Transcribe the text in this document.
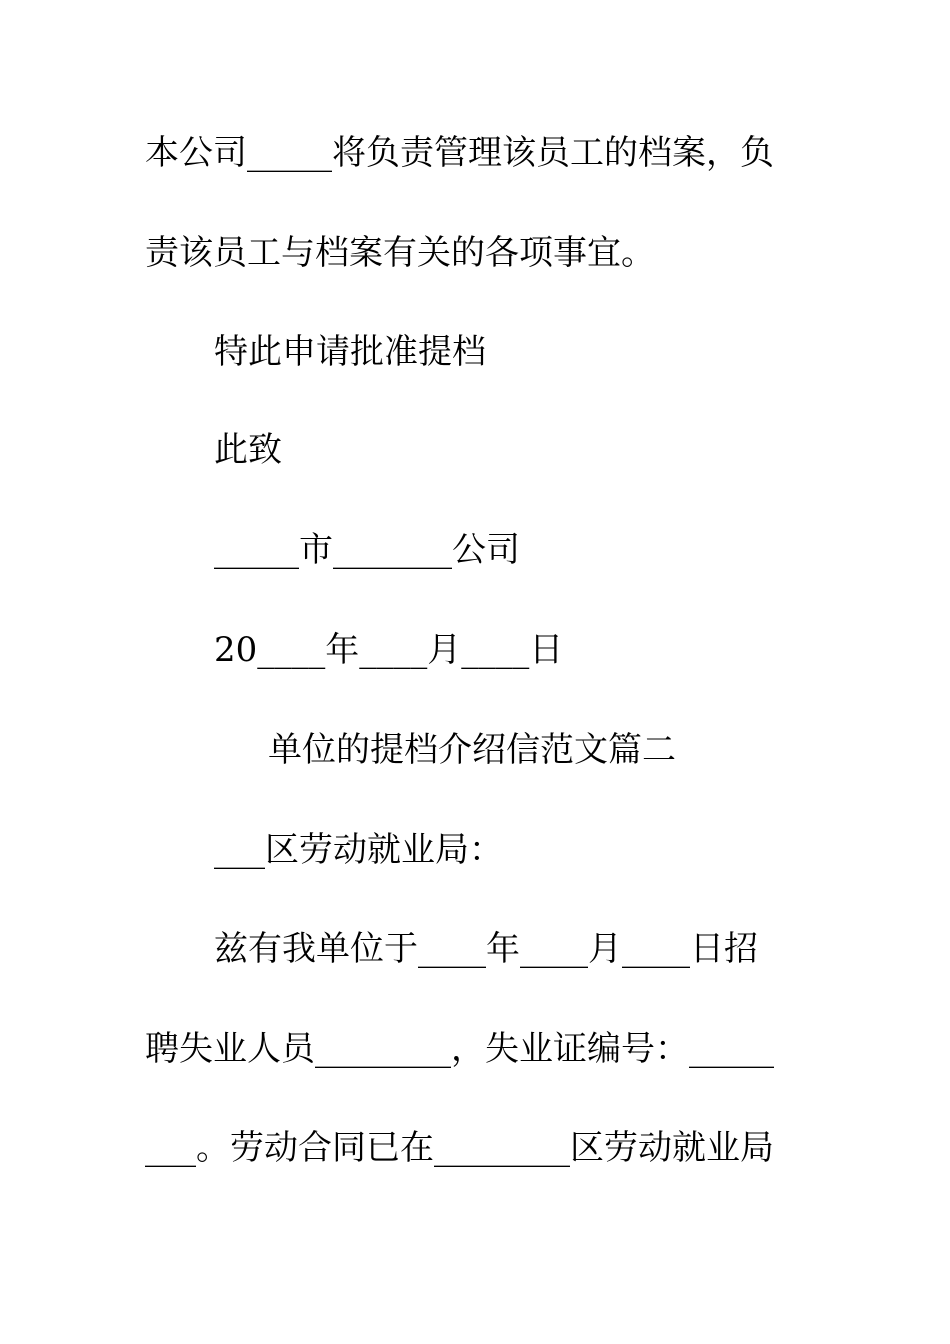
本公司_____将负责管理该员工的档案，负
责该员工与档案有关的各项事宜。
特此申请批准提档
此致
_____市_______公司
20____年____月____日
单位的提档介绍信范文篇二
___区劳动就业局：
兹有我单位于____年____月____日招
聘失业人员________，失业证编号：_____
___。劳动合同已在________区劳动就业局
